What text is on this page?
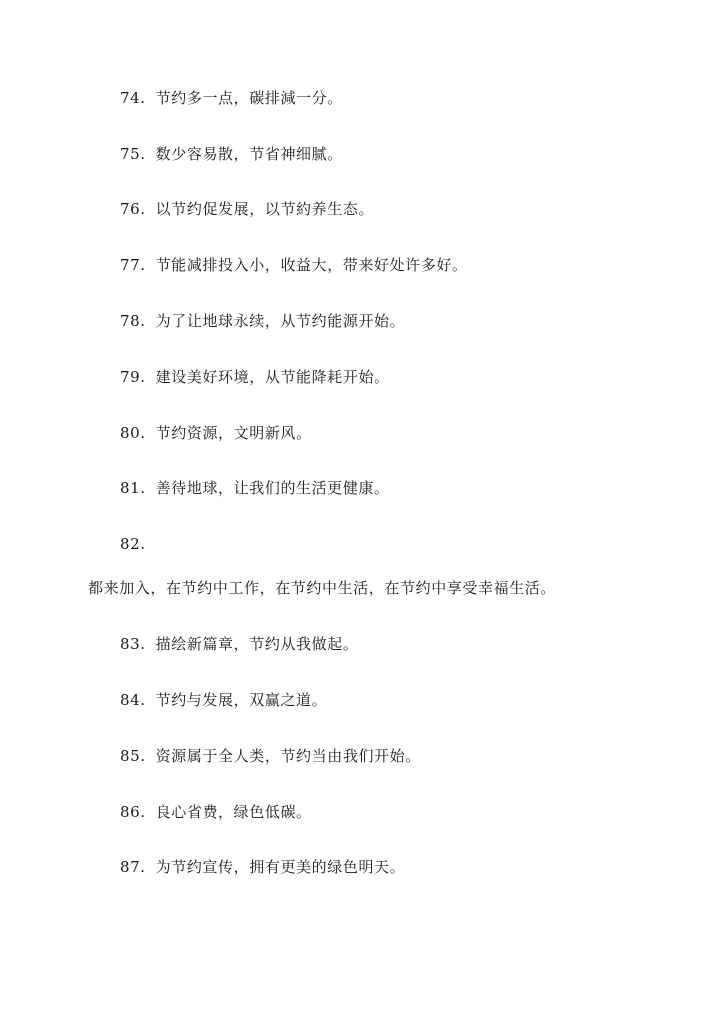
74. 节约多一点，碳排減一分。
75. 数少容易散，节省神细腻。
76. 以节约促发展，以节約养生态。
77. 节能减排投入小，收益大，带来好处许多好。
78. 为了让地球永续，从节约能源开始。
79. 建设美好环境，从节能降耗开始。
80. 节约资源，文明新风。
81. 善待地球，让我们的生活更健康。
82.
都来加入，在节约中工作，在节约中生活，在节约中享受幸福生活。
83. 描绘新篇章，节约从我做起。
84. 节约与发展，双赢之道。
85. 资源属于全人类，节约当由我们开始。
86. 良心省费，绿色低碳。
87. 为节约宣传，拥有更美的绿色明天。
